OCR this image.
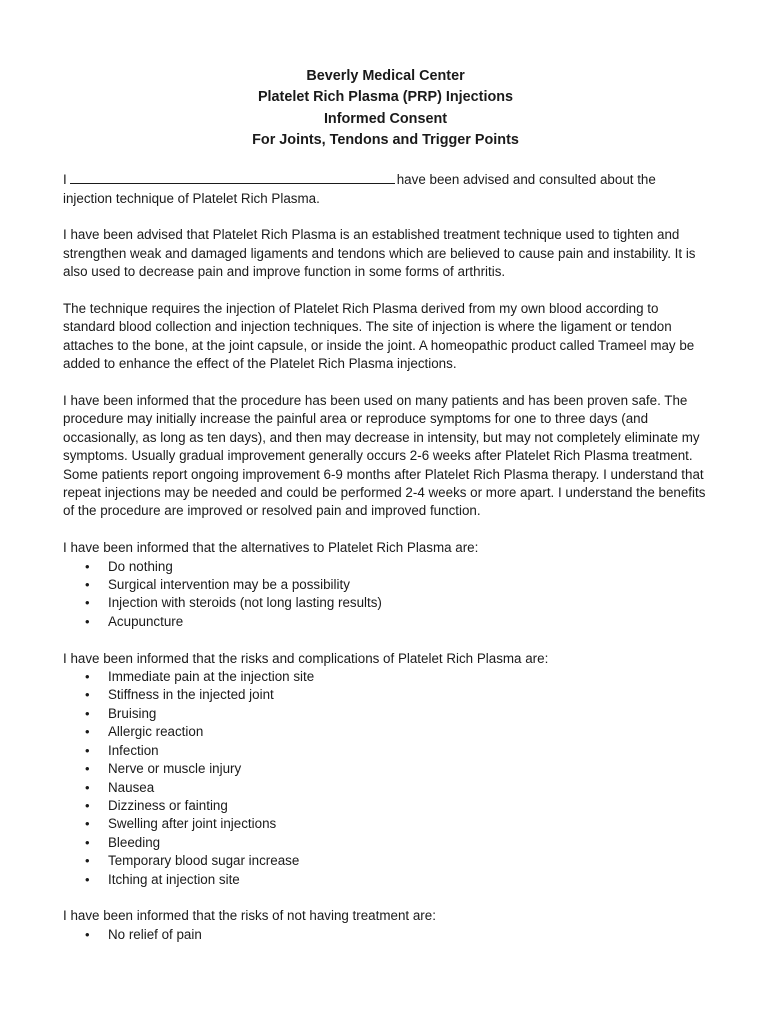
Beverly Medical Center
Platelet Rich Plasma (PRP) Injections
Informed Consent
For Joints, Tendons and Trigger Points

I	have been advised and consulted about the
injection technique of Platelet Rich Plasma.

I have been advised that Platelet Rich Plasma is an established treatment technique used to tighten and strengthen weak and damaged ligaments and tendons which are believed to cause pain and instability. It is also used to decrease pain and improve function in some forms of arthritis.

The technique requires the injection of Platelet Rich Plasma derived from my own blood according to standard blood collection and injection techniques. The site of injection is where the ligament or tendon attaches to the bone, at the joint capsule, or inside the joint. A homeopathic product called Trameel may be added to enhance the effect of the Platelet Rich Plasma injections.

I have been informed that the procedure has been used on many patients and has been proven safe. The procedure may initially increase the painful area or reproduce symptoms for one to three days (and occasionally, as long as ten days), and then may decrease in intensity, but may not completely eliminate my symptoms. Usually gradual improvement generally occurs 2-6 weeks after Platelet Rich Plasma treatment. Some patients report ongoing improvement 6-9 months after Platelet Rich Plasma therapy. I understand that repeat injections may be needed and could be performed 2-4 weeks or more apart. I understand the benefits of the procedure are improved or resolved pain and improved function.

I have been informed that the alternatives to Platelet Rich Plasma are:
• Do nothing
• Surgical intervention may be a possibility
• Injection with steroids (not long lasting results)
• Acupuncture
I have been informed that the risks and complications of Platelet Rich Plasma are:
• Immediate pain at the injection site
• Stiffness in the injected joint
• Bruising
• Allergic reaction
• Infection
• Nerve or muscle injury
• Nausea
• Dizziness or fainting
• Swelling after joint injections
• Bleeding
• Temporary blood sugar increase
• Itching at injection site
I have been informed that the risks of not having treatment are:
• No relief of pain
